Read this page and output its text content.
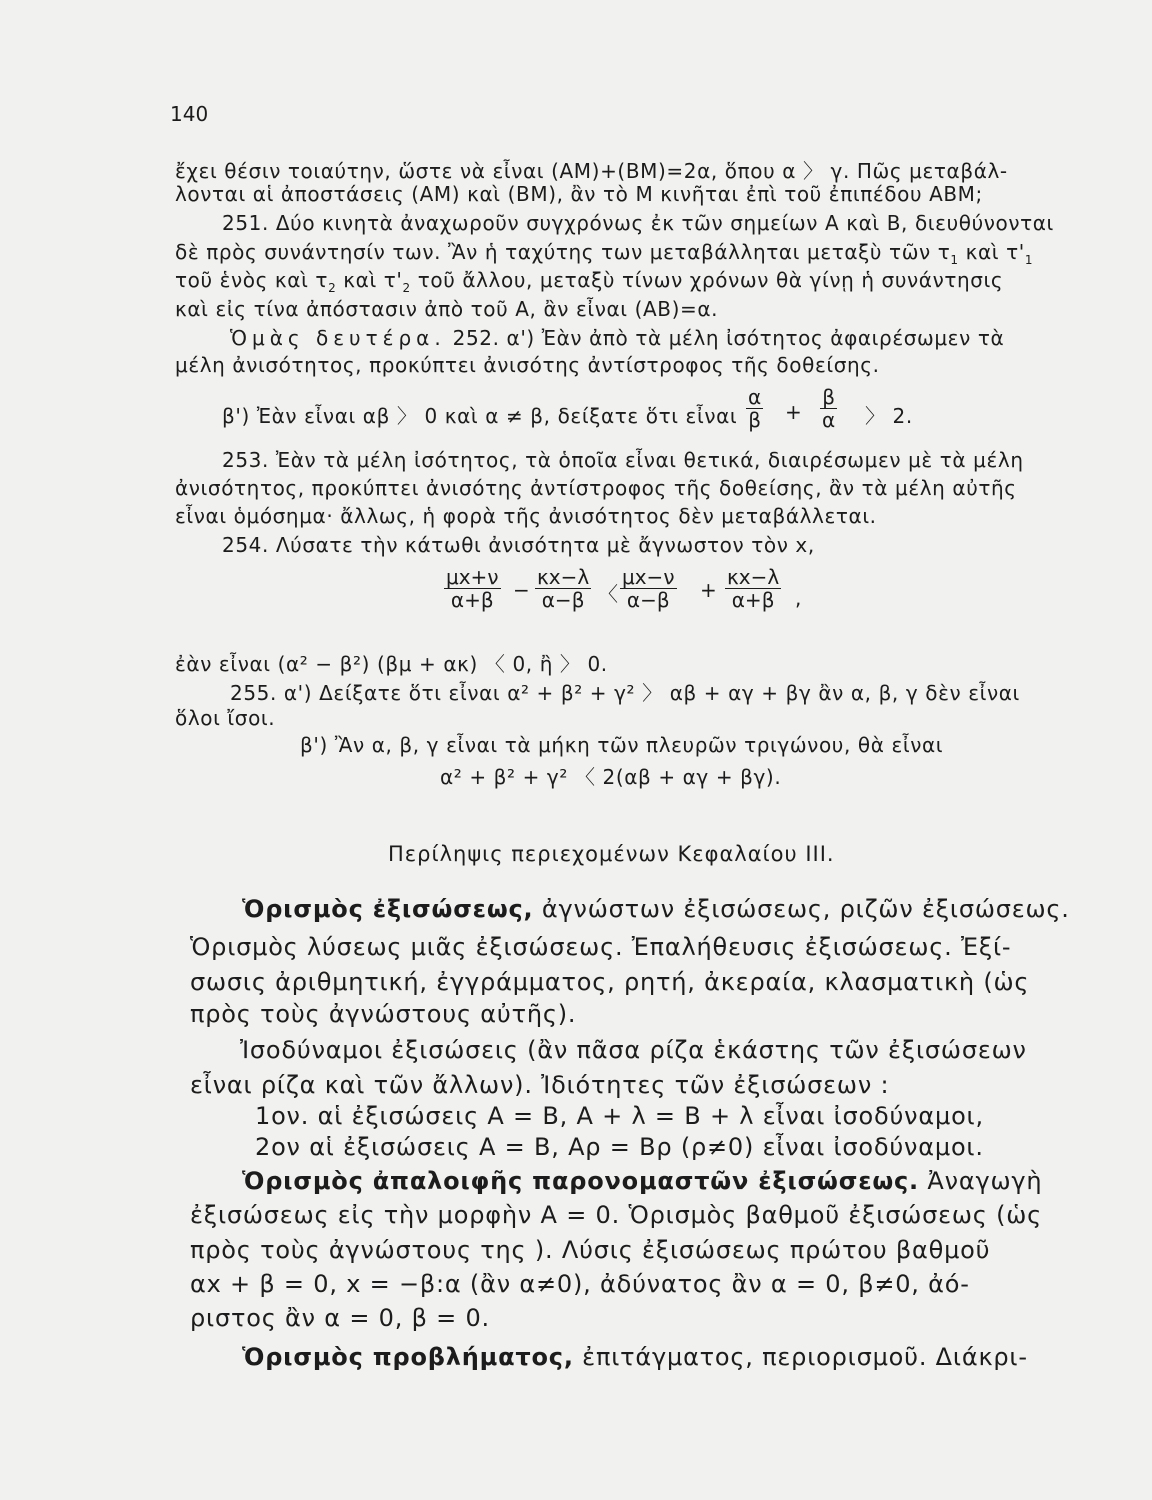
140
ἔχει θέσιν τοιαύτην, ὥστε νὰ εἶναι (AM)+(BM)=2α, ὅπου α 〉 γ. Πῶς μεταβάλ-
λονται αἱ ἀποστάσεις (AM) καὶ (BM), ἂν τὸ M κινῆται ἐπὶ τοῦ ἐπιπέδου ABM;
251. Δύο κινητὰ ἀναχωροῦν συγχρόνως ἐκ τῶν σημείων A καὶ B, διευθύνονται
δὲ πρὸς συνάντησίν των. Ἂν ἡ ταχύτης των μεταβάλληται μεταξὺ τῶν $\tau_1$ καὶ $\tau'_1$
τοῦ ἑνὸς καὶ $\tau_2$ καὶ $\tau'_2$ τοῦ ἄλλου, μεταξὺ τίνων χρόνων θὰ γίνῃ ἡ συνάντησις
καὶ εἰς τίνα ἀπόστασιν ἀπὸ τοῦ A, ἂν εἶναι (AB)=α.
Ὁμὰς δευτέρα. 252. α') Ἐὰν ἀπὸ τὰ μέλη ἰσότητος ἀφαιρέσωμεν τὰ
μέλη ἀνισότητος, προκύπτει ἀνισότης ἀντίστροφος τῆς δοθείσης.
β') Ἐὰν εἶναι αβ 〉 0 καὶ α ≠ β, δείξατε ὅτι εἶναι $\frac{\alpha}{\beta} + \frac{\beta}{\alpha}$ 〉 2.
253. Ἐὰν τὰ μέλη ἰσότητος, τὰ ὁποῖα εἶναι θετικά, διαιρέσωμεν μὲ τὰ μέλη
ἀνισότητος, προκύπτει ἀνισότης ἀντίστροφος τῆς δοθείσης, ἂν τὰ μέλη αὐτῆς
εἶναι ὁμόσημα· ἄλλως, ἡ φορὰ τῆς ἀνισότητος δὲν μεταβάλλεται.
254. Λύσατε τὴν κάτωθι ἀνισότητα μὲ ἄγνωστον τὸν x,
$\frac{\mu x+\nu}{\alpha+\beta} - \frac{\kappa x-\lambda}{\alpha-\beta}$ 〈 $\frac{\mu x-\nu}{\alpha-\beta} + \frac{\kappa x-\lambda}{\alpha+\beta}$ ,
ἐὰν εἶναι (α² − β²) (βμ + ακ) 〈 0, ἢ 〉 0.
255. α') Δείξατε ὅτι εἶναι α² + β² + γ² 〉 αβ + αγ + βγ ἂν α, β, γ δὲν εἶναι
ὅλοι ἴσοι.
β') Ἂν α, β, γ εἶναι τὰ μήκη τῶν πλευρῶν τριγώνου, θὰ εἶναι
α² + β² + γ² 〈 2(αβ + αγ + βγ).
Περίληψις περιεχομένων Κεφαλαίου III.
Ὁρισμὸς ἐξισώσεως, ἀγνώστων ἐξισώσεως, ριζῶν ἐξισώσεως.
Ὁρισμὸς λύσεως μιᾶς ἐξισώσεως. Ἐπαλήθευσις ἐξισώσεως. Ἐξί-
σωσις ἀριθμητική, ἐγγράμματος, ρητή, ἀκεραία, κλασματικὴ (ὡς
πρὸς τοὺς ἀγνώστους αὐτῆς).
Ἰσοδύναμοι ἐξισώσεις (ἂν πᾶσα ρίζα ἑκάστης τῶν ἐξισώσεων
εἶναι ρίζα καὶ τῶν ἄλλων). Ἰδιότητες τῶν ἐξισώσεων :
1ον. αἱ ἐξισώσεις A = B, A + λ = B + λ εἶναι ἰσοδύναμοι,
2ον αἱ ἐξισώσεις A = B, Aρ = Bρ (ρ≠0) εἶναι ἰσοδύναμοι.
Ὁρισμὸς ἀπαλοιφῆς παρονομαστῶν ἐξισώσεως. Ἀναγωγὴ
ἐξισώσεως εἰς τὴν μορφὴν A = 0. Ὁρισμὸς βαθμοῦ ἐξισώσεως (ὡς
πρὸς τοὺς ἀγνώστους της ). Λύσις ἐξισώσεως πρώτου βαθμοῦ
αx + β = 0, x = −β:α (ἂν α≠0), ἀδύνατος ἂν α = 0, β≠0, ἀό-
ριστος ἂν α = 0, β = 0.
Ὁρισμὸς προβλήματος, ἐπιτάγματος, περιορισμοῦ. Διάκρι-
